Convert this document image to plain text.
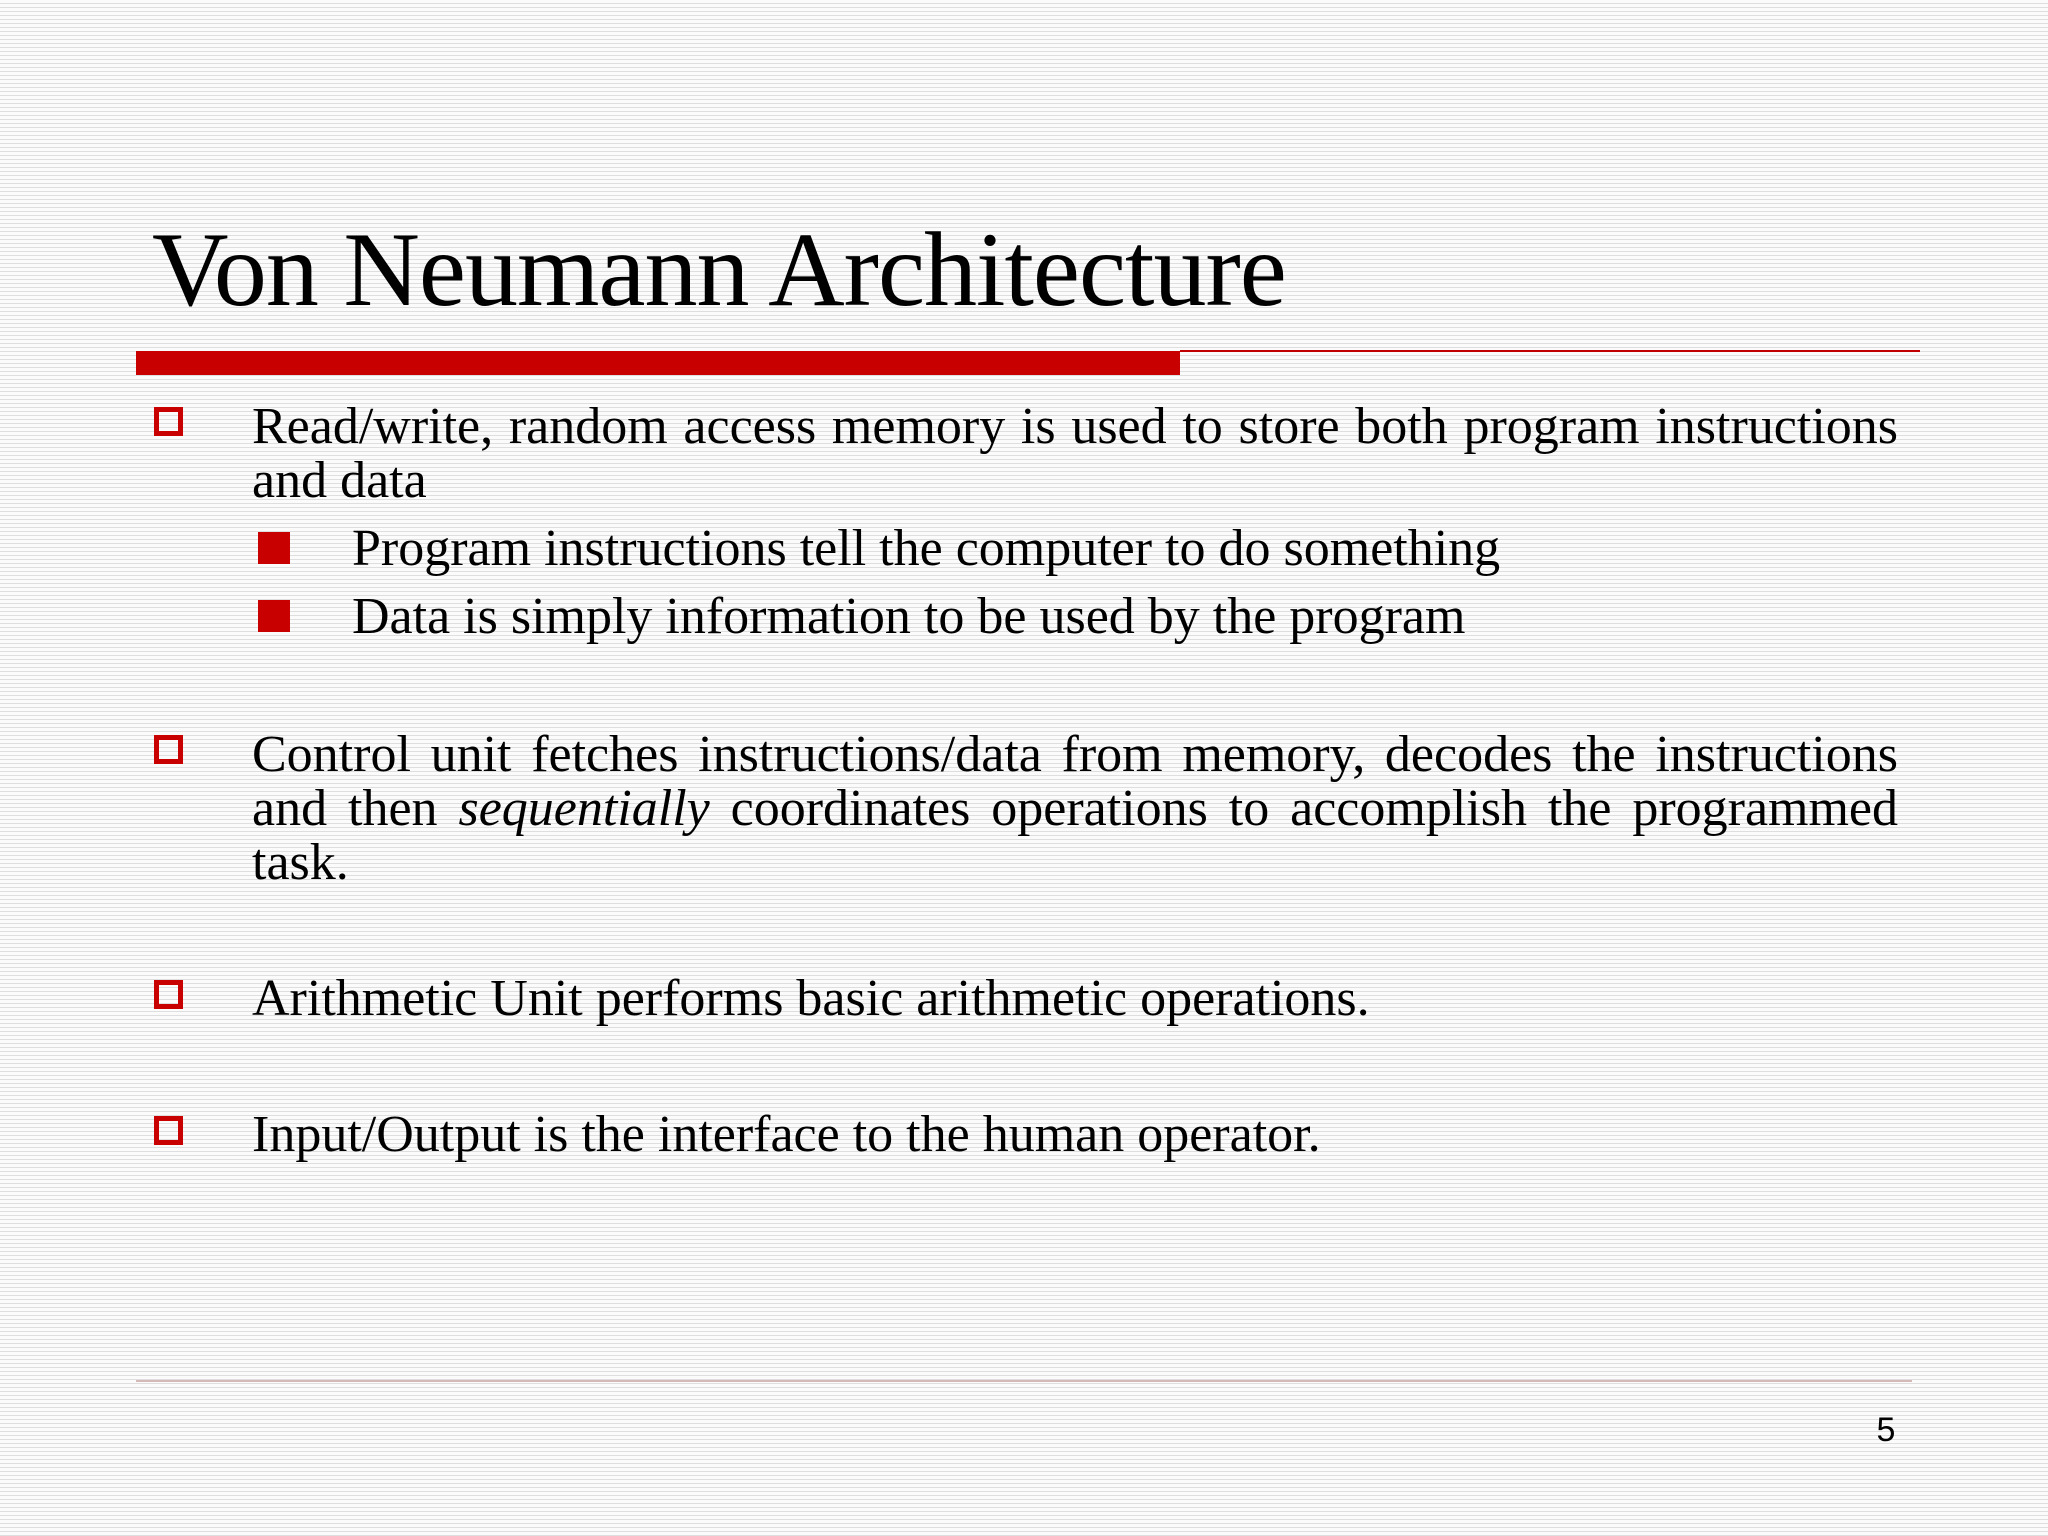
Von Neumann Architecture
Read/write, random access memory is used to store both program instructions and data
Program instructions tell the computer to do something
Data is simply information to be used by the program
Control unit fetches instructions/data from memory, decodes the instructions and then sequentially coordinates operations to accomplish the programmed task.
Arithmetic Unit performs basic arithmetic operations.
Input/Output is the interface to the human operator.
5
